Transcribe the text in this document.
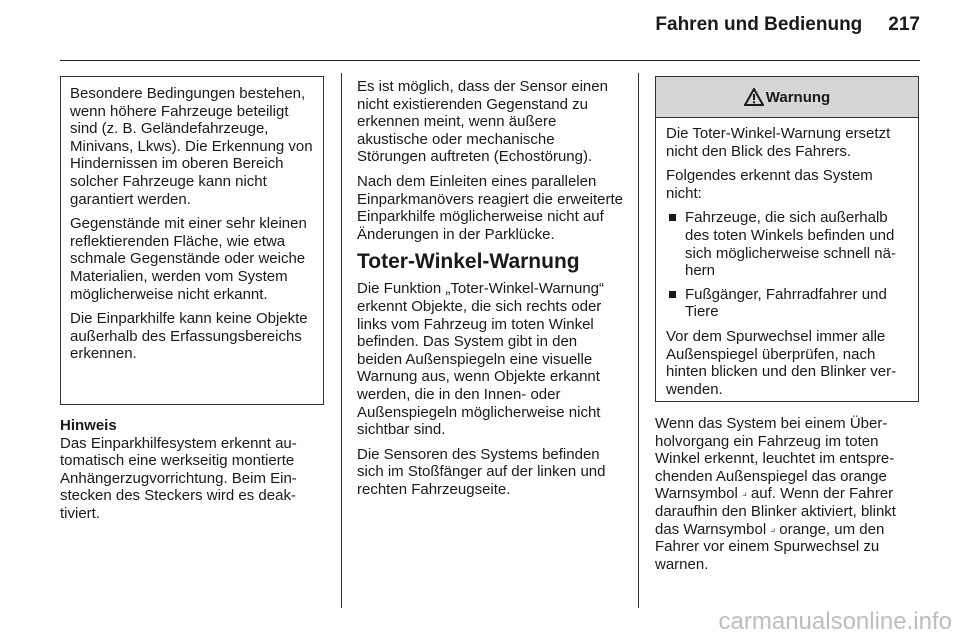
Fahren und Bedienung 217

Besondere Bedingungen bestehen, wenn höhere Fahrzeuge beteiligt sind (z. B. Geländefahrzeuge, Minivans, Lkws). Die Erkennung von Hindernissen im oberen Bereich solcher Fahrzeuge kann nicht garantiert werden.

Gegenstände mit einer sehr kleinen reflektierenden Fläche, wie etwa schmale Gegenstände oder weiche Materialien, werden vom System möglicherweise nicht erkannt.

Die Einparkhilfe kann keine Objekte außerhalb des Erfassungsbereichs erkennen.

Hinweis
Das Einparkhilfesystem erkennt automatisch eine werkseitig montierte Anhängerzugvorrichtung. Beim Einstecken des Steckers wird es deaktiviert.

Es ist möglich, dass der Sensor einen nicht existierenden Gegenstand zu erkennen meint, wenn äußere akustische oder mechanische Störungen auftreten (Echostörung).

Nach dem Einleiten eines parallelen Einparkmanövers reagiert die erweiterte Einparkhilfe möglicherweise nicht auf Änderungen in der Parklücke.

Toter-Winkel-Warnung

Die Funktion „Toter-Winkel-Warnung“ erkennt Objekte, die sich rechts oder links vom Fahrzeug im toten Winkel befinden. Das System gibt in den beiden Außenspiegeln eine visuelle Warnung aus, wenn Objekte erkannt werden, die in den Innen- oder Außenspiegeln möglicherweise nicht sichtbar sind.

Die Sensoren des Systems befinden sich im Stoßfänger auf der linken und rechten Fahrzeugseite.

Warnung

Die Toter-Winkel-Warnung ersetzt nicht den Blick des Fahrers.

Folgendes erkennt das System nicht:

Fahrzeuge, die sich außerhalb des toten Winkels befinden und sich möglicherweise schnell nähern
Fußgänger, Fahrradfahrer und Tiere

Vor dem Spurwechsel immer alle Außenspiegel überprüfen, nach hinten blicken und den Blinker verwenden.

Wenn das System bei einem Überholvorgang ein Fahrzeug im toten Winkel erkennt, leuchtet im entsprechenden Außenspiegel das orange Warnsymbol ⟓ auf. Wenn der Fahrer daraufhin den Blinker aktiviert, blinkt das Warnsymbol ⟓ orange, um den Fahrer vor einem Spurwechsel zu warnen.

carmanualsonline.info
